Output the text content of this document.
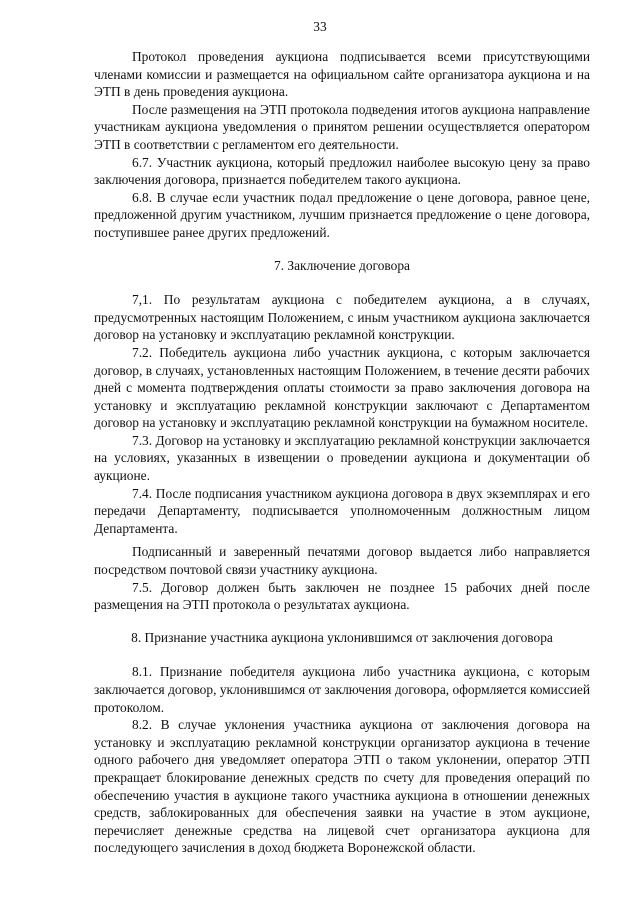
33

Протокол проведения аукциона подписывается всеми присутствующими членами комиссии и размещается на официальном сайте организатора аукциона и на ЭТП в день проведения аукциона.

После размещения на ЭТП протокола подведения итогов аукциона направление участникам аукциона уведомления о принятом решении осуществляется оператором ЭТП в соответствии с регламентом его деятельности.

6.7. Участник аукциона, который предложил наиболее высокую цену за право заключения договора, признается победителем такого аукциона.

6.8. В случае если участник подал предложение о цене договора, равное цене, предложенной другим участником, лучшим признается предложение о цене договора, поступившее ранее других предложений.

7. Заключение договора

7,1. По результатам аукциона с победителем аукциона, а в случаях, предусмотренных настоящим Положением, с иным участником аукциона заключается договор на установку и эксплуатацию рекламной конструкции.

7.2. Победитель аукциона либо участник аукциона, с которым заключается договор, в случаях, установленных настоящим Положением, в течение десяти рабочих дней с момента подтверждения оплаты стоимости за право заключения договора на установку и эксплуатацию рекламной конструкции заключают с Департаментом договор на установку и эксплуатацию рекламной конструкции на бумажном носителе.

7.3. Договор на установку и эксплуатацию рекламной конструкции заключается на условиях, указанных в извещении о проведении аукциона и документации об аукционе.

7.4. После подписания участником аукциона договора в двух экземплярах и его передачи Департаменту, подписывается уполномоченным должностным лицом Департамента.

Подписанный и заверенный печатями договор выдается либо направляется посредством почтовой связи участнику аукциона.

7.5. Договор должен быть заключен не позднее 15 рабочих дней после размещения на ЭТП протокола о результатах аукциона.

8. Признание участника аукциона уклонившимся от заключения договора

8.1. Признание победителя аукциона либо участника аукциона, с которым заключается договор, уклонившимся от заключения договора, оформляется комиссией протоколом.

8.2. В случае уклонения участника аукциона от заключения договора на установку и эксплуатацию рекламной конструкции организатор аукциона в течение одного рабочего дня уведомляет оператора ЭТП о таком уклонении, оператор ЭТП прекращает блокирование денежных средств по счету для проведения операций по обеспечению участия в аукционе такого участника аукциона в отношении денежных средств, заблокированных для обеспечения заявки на участие в этом аукционе, перечисляет денежные средства на лицевой счет организатора аукциона для последующего зачисления в доход бюджета Воронежской области.
